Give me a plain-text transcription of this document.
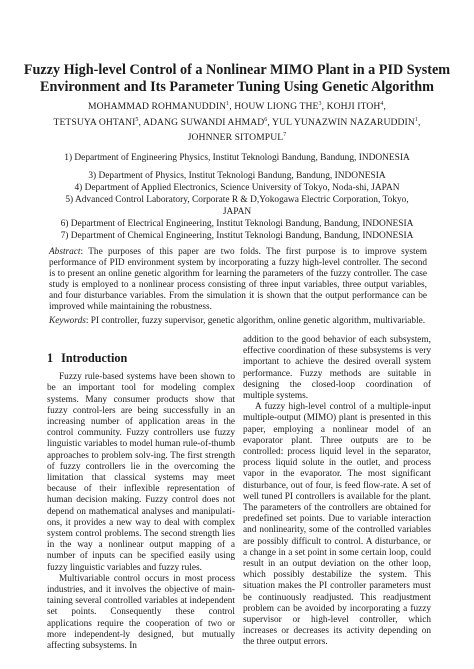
Fuzzy High-level Control of a Nonlinear MIMO Plant in a PID System
Environment and Its Parameter Tuning Using Genetic Algorithm
MOHAMMAD ROHMANUDDIN$^1$, HOUW LIONG THE$^3$, KOHJI ITOH$^4$,
TETSUYA OHTANI$^5$, ADANG SUWANDI AHMAD$^6$, YUL YUNAZWIN NAZARUDDIN$^1$,
JOHNNER SITOMPUL$^7$
1) Department of Engineering Physics, Institut Teknologi Bandung, Bandung, INDONESIA
3) Department of Physics, Institut Teknologi Bandung, Bandung, INDONESIA
4) Department of Applied Electronics, Science University of Tokyo, Noda-shi, JAPAN
5) Advanced Control Laboratory, Corporate R & D,Yokogawa Electric Corporation, Tokyo,
JAPAN
6) Department of Electrical Engineering, Institut Teknologi Bandung, Bandung, INDONESIA
7) Department of Chemical Engineering, Institut Teknologi Bandung, Bandung, INDONESIA
Abstract: The purposes of this paper are two folds. The first purpose is to improve system performance of PID environment system by incorporating a fuzzy high-level controller. The second is to present an online genetic algorithm for learning the parameters of the fuzzy controller. The case study is employed to a nonlinear process consisting of three input variables, three output variables, and four disturbance variables. From the simulation it is shown that the output performance can be improved while maintaining the robustness.
Keywords: PI controller, fuzzy supervisor, genetic algorithm, online genetic algorithm, multivariable.
1 Introduction

Fuzzy rule-based systems have been shown to be an important tool for modeling complex systems. Many consumer products show that fuzzy control-lers are being successfully in an increasing number of application areas in the control community. Fuzzy controllers use fuzzy linguistic variables to model human rule-of-thumb approaches to problem solv-ing. The first strength of fuzzy controllers lie in the overcoming the limitation that classical systems may meet because of their inflexible representation of human decision making. Fuzzy control does not depend on mathematical analyses and manipulati-ons, it provides a new way to deal with complex system control problems. The second strength lies in the way a nonlinear output mapping of a number of inputs can be specified easily using fuzzy linguistic variables and fuzzy rules.

Multivariable control occurs in most process industries, and it involves the objective of main-taining several controlled variables at independent set points. Consequently these control applications require the cooperation of two or more independent-ly designed, but mutually affecting subsystems. In

addition to the good behavior of each subsystem, effective coordination of these subsystems is very important to achieve the desired overall system performance. Fuzzy methods are suitable in designing the closed-loop coordination of multiple systems.

A fuzzy high-level control of a multiple-input multiple-output (MIMO) plant is presented in this paper, employing a nonlinear model of an evaporator plant. Three outputs are to be controlled: process liquid level in the separator, process liquid solute in the outlet, and process vapor in the evaporator. The most significant disturbance, out of four, is feed flow-rate. A set of well tuned PI controllers is available for the plant. The parameters of the controllers are obtained for predefined set points. Due to variable interaction and nonlinearity, some of the controlled variables are possibly difficult to control. A disturbance, or a change in a set point in some certain loop, could result in an output deviation on the other loop, which possibly destabilize the system. This situation makes the PI controller parameters must be continuously readjusted. This readjustment problem can be avoided by incorporating a fuzzy supervisor or high-level controller, which increases or decreases its activity depending on the three output errors.
